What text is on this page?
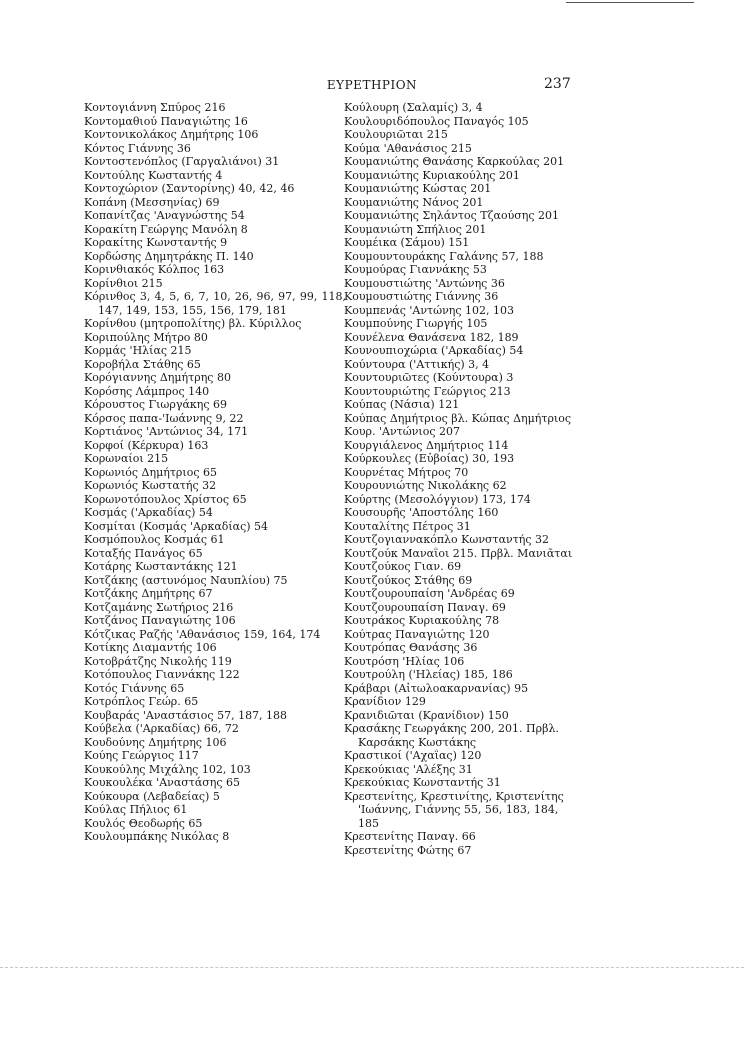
ΕΥΡΕΤΗΡΙΟΝ	237
Κοντογιάννη Σπύρος 216
Κοντομαθιού Παναγιώτης 16
Κοντονικολάκος Δημήτρης 106
Κόντος Γιάννης 36
Κοντοστενόπλος (Γαργαλιάνοι) 31
Κοντούλης Κωσταντής 4
Κοντοχώριον (Σαντορίνης) 40, 42, 46
Κοπάνη (Μεσσηνίας) 69
Κοπανίτζας 'Αναγνώστης 54
Κορακίτη Γεώργης Μανόλη 8
Κορακίτης Κωνσταντής 9
Κορδώσης Δημητράκης Π. 140
Κορινθιακός Κόλπος 163
Κορίνθιοι 215
Κόρινθος 3, 4, 5, 6, 7, 10, 26, 96, 97, 99, 118, 147, 149, 153, 155, 156, 179, 181
Κορίνθου (μητροπολίτης) βλ. Κύριλλος
Κοριπούλης Μήτρο 80
Κορμάς 'Ηλίας 215
Κοροβήλα Στάθης 65
Κορόγιαννης Δημήτρης 80
Κορόσης Λάμπρος 140
Κόρουστος Γιωργάκης 69
Κόρσος παπα-'Ιωάννης 9, 22
Κορτιάνος 'Αντώνιος 34, 171
Κορφοί (Κέρκυρα) 163
Κορωναίοι 215
Κορωνιός Δημήτριος 65
Κορωνιός Κωστατής 32
Κορωνοτόπουλος Χρίστος 65
Κοσμάς ('Αρκαδίας) 54
Κοσμίται (Κοσμάς 'Αρκαδίας) 54
Κοσμόπουλος Κοσμάς 61
Κοταξής Πανάγος 65
Κοτάρης Κωσταντάκης 121
Κοτζάκης (αστυνόμος Ναυπλίου) 75
Κοτζάκης Δημήτρης 67
Κοτζαμάνης Σωτήριος 216
Κοτζάνος Παναγιώτης 106
Κότζικας Ραζής 'Αθανάσιος 159, 164, 174
Κοτίκης Διαμαντής 106
Κοτοβράτζης Νικολής 119
Κοτόπουλος Γιαννάκης 122
Κοτός Γιάννης 65
Κοτρόπλος Γεώρ. 65
Κουβαράς 'Αναστάσιος 57, 187, 188
Κούβελα ('Αρκαδίας) 66, 72
Κουδούνης Δημήτρης 106
Κούης Γεώργιος 117
Κουκούλης Μιχάλης 102, 103
Κουκουλέκα 'Αναστάσης 65
Κούκουρα (Λεβαδείας) 5
Κούλας Πήλιος 61
Κουλός Θεοδωρής 65
Κουλουμπάκης Νικόλας 8
Κούλουρη (Σαλαμίς) 3, 4
Κουλουριδόπουλος Παναγός 105
Κουλουριῶται 215
Κούμα 'Αθανάσιος 215
Κουμανιώτης Θανάσης Καρκούλας 201
Κουμανιώτης Κυριακούλης 201
Κουμανιώτης Κώστας 201
Κουμανιώτης Νάνος 201
Κουμανιώτης Σηλάντος Τζαούσης 201
Κουμανιώτη Σπήλιος 201
Κουμέικα (Σάμου) 151
Κουμουντουράκης Γαλάνης 57, 188
Κουμούρας Γιαννάκης 53
Κουμουστιώτης 'Αντώνης 36
Κουμουστιώτης Γιάννης 36
Κουμπενάς 'Αντώνης 102, 103
Κουμπούνης Γιωργής 105
Κουνέλενα Θανάσενα 182, 189
Κουνουπιοχώρια ('Αρκαδίας) 54
Κούντουρα ('Αττικής) 3, 4
Κουντουριῶτες (Κούντουρα) 3
Κουντουριώτης Γεώργιος 213
Κούπας (Νάσια) 121
Κούπας Δημήτριος βλ. Κώπας Δημήτριος
Κουρ. 'Αντώνιος 207
Κουργιάλενος Δημήτριος 114
Κούρκουλες (Εὐβοίας) 30, 193
Κουρνέτας Μήτρος 70
Κουρουνιώτης Νικολάκης 62
Κούρτης (Μεσολόγγιον) 173, 174
Κουσουρῆς 'Αποστόλης 160
Κουταλίτης Πέτρος 31
Κουτζογιαννακόπλο Κωνσταντής 32
Κουτζούκ Μαναΐοι 215. Πρβλ. Μανιᾶται
Κουτζούκος Γιαν. 69
Κουτζούκος Στάθης 69
Κουτζουρουπαίση 'Ανδρέας 69
Κουτζουρουπαίση Παναγ. 69
Κουτράκος Κυριακούλης 78
Κούτρας Παναγιώτης 120
Κουτρόπας Θανάσης 36
Κουτρόση 'Ηλίας 106
Κουτρούλη ('Ηλείας) 185, 186
Κράβαρι (Αἰτωλοακαρνανίας) 95
Κρανίδιον 129
Κρανιδιῶται (Κρανίδιον) 150
Κρασάκης Γεωργάκης 200, 201. Πρβλ. Καρσάκης Κωστάκης
Κραστικοί ('Αχαΐας) 120
Κρεκούκιας 'Αλέξης 31
Κρεκούκιας Κωνσταντής 31
Κρεστενίτης, Κρεστινίτης, Κριστενίτης 'Ιωάννης, Γιάννης 55, 56, 183, 184, 185
Κρεστενίτης Παναγ. 66
Κρεστενίτης Φώτης 67
